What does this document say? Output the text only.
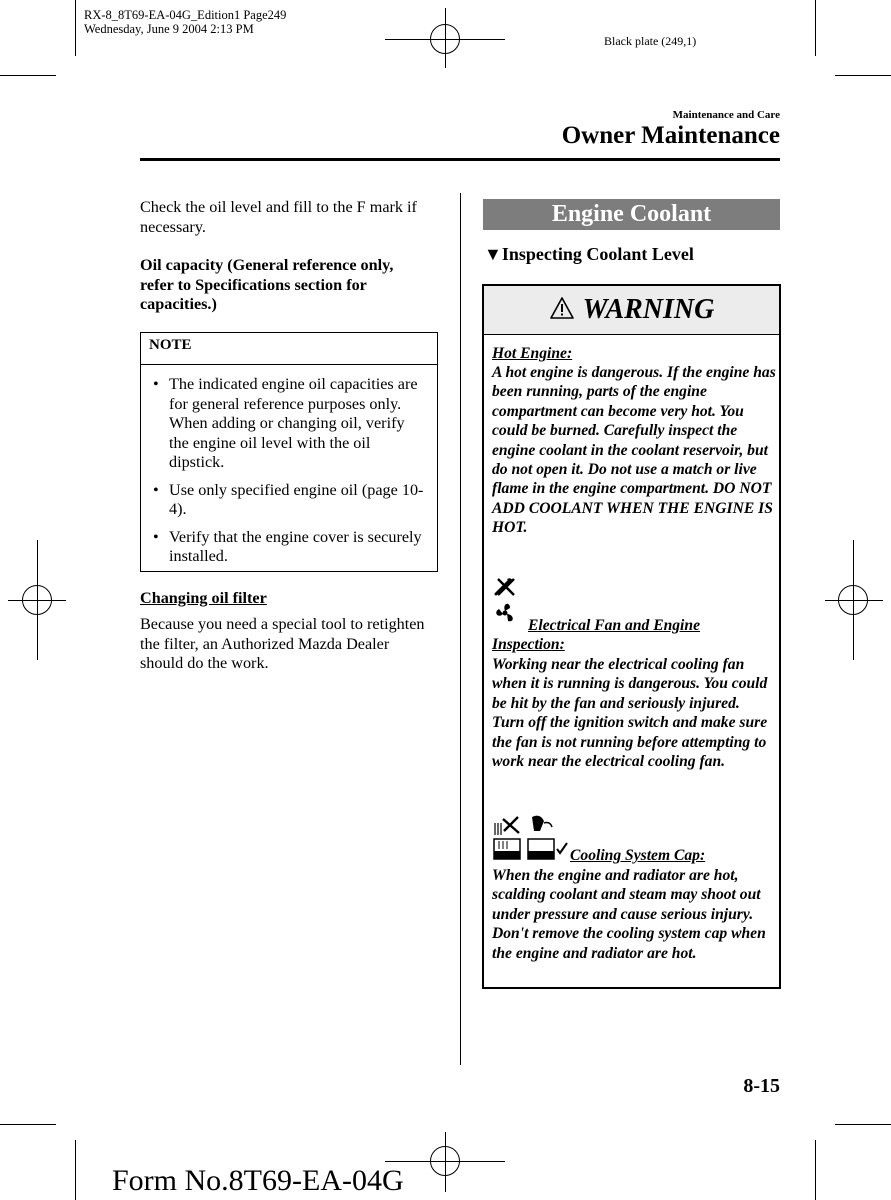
RX-8_8T69-EA-04G_Edition1 Page249
Wednesday, June 9 2004 2:13 PM
Black plate (249,1)
Maintenance and Care
Owner Maintenance
Check the oil level and fill to the F mark if necessary.
Oil capacity (General reference only, refer to Specifications section for capacities.)
NOTE
• The indicated engine oil capacities are for general reference purposes only. When adding or changing oil, verify the engine oil level with the oil dipstick.
• Use only specified engine oil (page 10-4).
• Verify that the engine cover is securely installed.
Changing oil filter
Because you need a special tool to retighten the filter, an Authorized Mazda Dealer should do the work.
Engine Coolant
▼Inspecting Coolant Level
WARNING
Hot Engine:
A hot engine is dangerous. If the engine has been running, parts of the engine compartment can become very hot. You could be burned. Carefully inspect the engine coolant in the coolant reservoir, but do not open it. Do not use a match or live flame in the engine compartment. DO NOT ADD COOLANT WHEN THE ENGINE IS HOT.
Electrical Fan and Engine Inspection:
Working near the electrical cooling fan when it is running is dangerous. You could be hit by the fan and seriously injured. Turn off the ignition switch and make sure the fan is not running before attempting to work near the electrical cooling fan.
Cooling System Cap:
When the engine and radiator are hot, scalding coolant and steam may shoot out under pressure and cause serious injury. Don't remove the cooling system cap when the engine and radiator are hot.
8-15
Form No.8T69-EA-04G
